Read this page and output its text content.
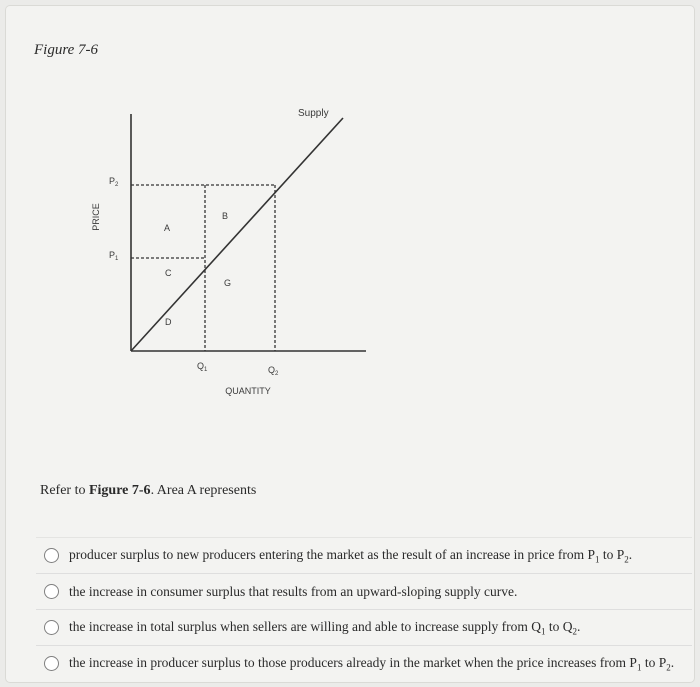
Figure 7-6
PRICE
QUANTITY
Supply
$P_2$
$P_1$
$Q_1$	$Q_2$
A
B
C
G
D
Refer to Figure 7-6. Area A represents
producer surplus to new producers entering the market as the result of an increase in price from $P_1$ to $P_2$.
the increase in consumer surplus that results from an upward-sloping supply curve.
the increase in total surplus when sellers are willing and able to increase supply from $Q_1$ to $Q_2$.
the increase in producer surplus to those producers already in the market when the price increases from $P_1$ to $P_2$.
